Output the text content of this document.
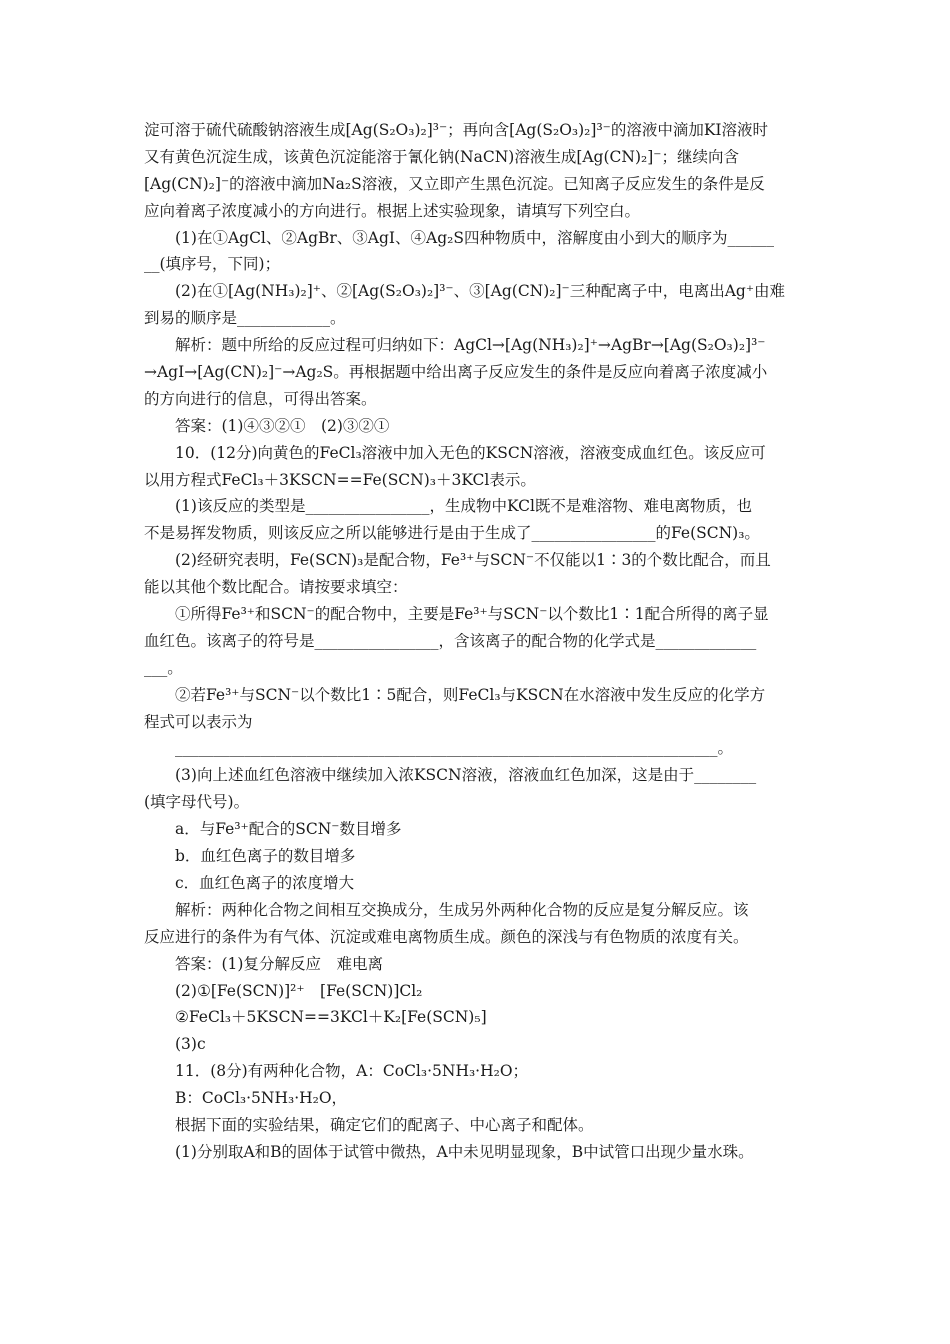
淀可溶于硫代硫酸钠溶液生成[Ag(S₂O₃)₂]³⁻；再向含[Ag(S₂O₃)₂]³⁻的溶液中滴加KI溶液时
又有黄色沉淀生成，该黄色沉淀能溶于氰化钠(NaCN)溶液生成[Ag(CN)₂]⁻；继续向含
[Ag(CN)₂]⁻的溶液中滴加Na₂S溶液，又立即产生黑色沉淀。已知离子反应发生的条件是反
应向着离子浓度减小的方向进行。根据上述实验现象，请填写下列空白。
(1)在①AgCl、②AgBr、③AgI、④Ag₂S四种物质中，溶解度由小到大的顺序为______
__(填序号，下同)；
(2)在①[Ag(NH₃)₂]⁺、②[Ag(S₂O₃)₂]³⁻、③[Ag(CN)₂]⁻三种配离子中，电离出Ag⁺由难
到易的顺序是____________。
解析：题中所给的反应过程可归纳如下：AgCl→[Ag(NH₃)₂]⁺→AgBr→[Ag(S₂O₃)₂]³⁻
→AgI→[Ag(CN)₂]⁻→Ag₂S。再根据题中给出离子反应发生的条件是反应向着离子浓度减小
的方向进行的信息，可得出答案。
答案：(1)④③②①　(2)③②①
10．(12分)向黄色的FeCl₃溶液中加入无色的KSCN溶液，溶液变成血红色。该反应可
以用方程式FeCl₃＋3KSCN==Fe(SCN)₃＋3KCl表示。
(1)该反应的类型是________________，生成物中KCl既不是难溶物、难电离物质，也
不是易挥发物质，则该反应之所以能够进行是由于生成了________________的Fe(SCN)₃。
(2)经研究表明，Fe(SCN)₃是配合物，Fe³⁺与SCN⁻不仅能以1∶3的个数比配合，而且
能以其他个数比配合。请按要求填空：
①所得Fe³⁺和SCN⁻的配合物中，主要是Fe³⁺与SCN⁻以个数比1∶1配合所得的离子显
血红色。该离子的符号是________________，含该离子的配合物的化学式是_____________
___。
②若Fe³⁺与SCN⁻以个数比1∶5配合，则FeCl₃与KSCN在水溶液中发生反应的化学方
程式可以表示为
______________________________________________________________________。
(3)向上述血红色溶液中继续加入浓KSCN溶液，溶液血红色加深，这是由于________
(填字母代号)。
a．与Fe³⁺配合的SCN⁻数目增多
b．血红色离子的数目增多
c．血红色离子的浓度增大
解析：两种化合物之间相互交换成分，生成另外两种化合物的反应是复分解反应。该
反应进行的条件为有气体、沉淀或难电离物质生成。颜色的深浅与有色物质的浓度有关。
答案：(1)复分解反应　难电离
(2)①[Fe(SCN)]²⁺　[Fe(SCN)]Cl₂
②FeCl₃＋5KSCN==3KCl＋K₂[Fe(SCN)₅]
(3)c
11．(8分)有两种化合物，A：CoCl₃·5NH₃·H₂O；
B：CoCl₃·5NH₃·H₂O，
根据下面的实验结果，确定它们的配离子、中心离子和配体。
(1)分别取A和B的固体于试管中微热，A中未见明显现象，B中试管口出现少量水珠。
